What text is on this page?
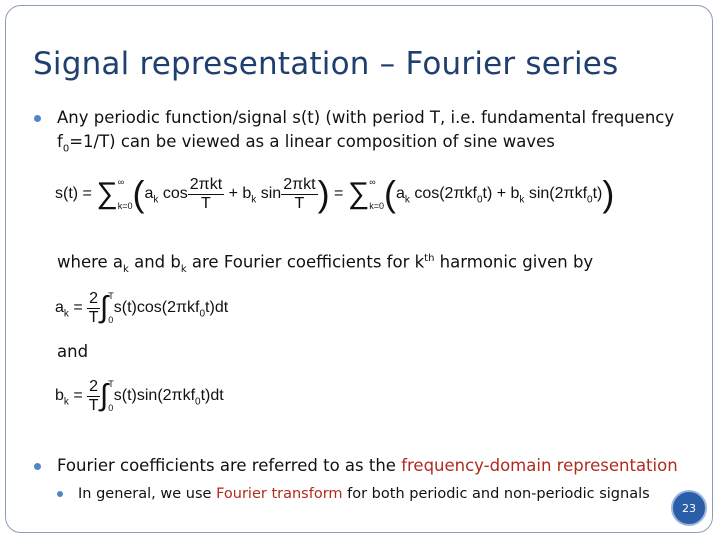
Signal representation – Fourier series
Any periodic function/signal s(t) (with period T, i.e. fundamental frequency
$f_0=1/T$) can be viewed as a linear composition of sine waves
s(t) = ∑∞
$k=0(a_k$ $\cos \frac{\text{2πkt}}{T} + b_k$ $\sin \frac{\text{2πkt}}{T}$ ) = ∑∞
$k=0(a_k$ $\cos(2\pi kf_0t) + b_k$ sin(2πkf$_0$t))
where $a_k$ and $b_k$ are Fourier coefficients for $k^{th}$ harmonic given by
$a_k = \frac{2}{T} \int T$
0s(t)cos(2πkf$_0$t)dt
and
$b_k = \frac{2}{T} \int T$
0s(t)sin(2πkf$_0$t)dt
Fourier coefficients are referred to as the frequency-domain representation
In general, we use Fourier transform for both periodic and non-periodic signals
23
